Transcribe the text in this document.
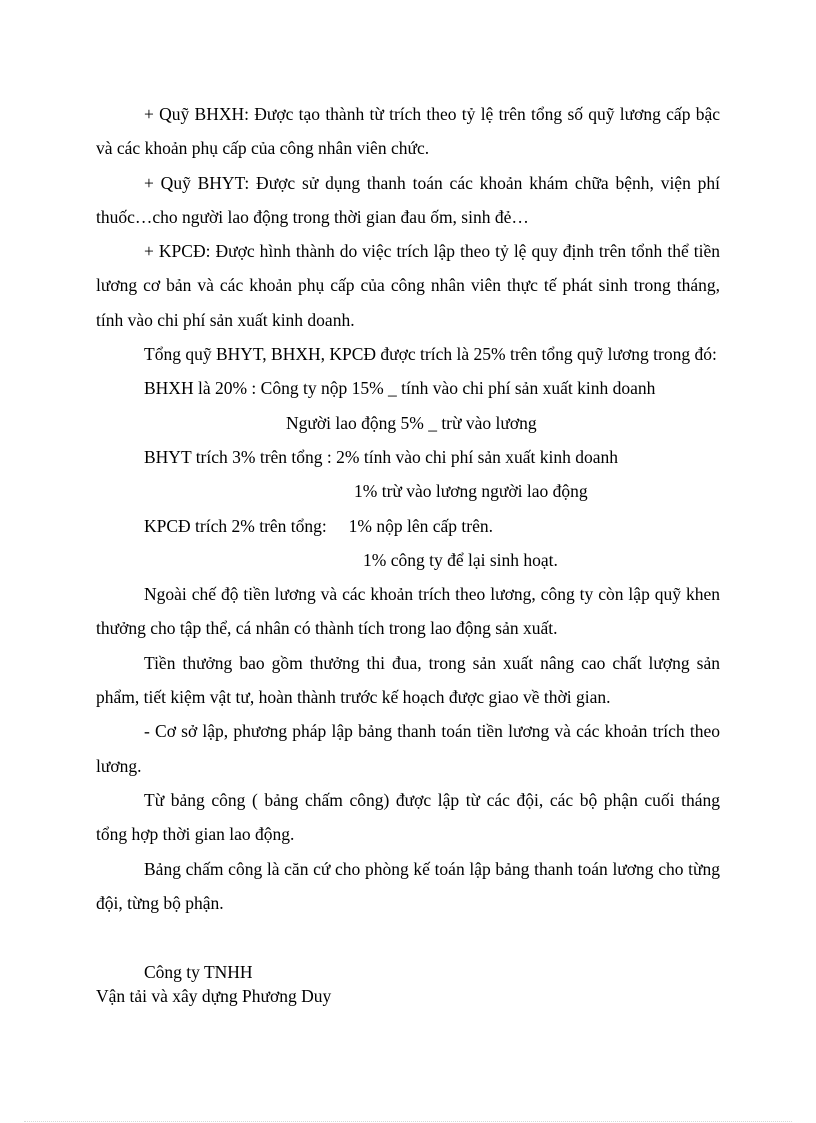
+ Quỹ BHXH: Được tạo thành từ trích theo tỷ lệ trên tổng số quỹ lương cấp bậc và các khoản phụ cấp của công nhân viên chức.

+ Quỹ BHYT: Được sử dụng thanh toán các khoản khám chữa bệnh, viện phí thuốc…cho người lao động trong thời gian đau ốm, sinh đẻ…

+ KPCĐ: Được hình thành do việc trích lập theo tỷ lệ quy định trên tổnh thể tiền lương cơ bản và các khoản phụ cấp của công nhân viên thực tế phát sinh trong tháng, tính vào chi phí sản xuất kinh doanh.

Tổng quỹ BHYT, BHXH, KPCĐ được trích là 25% trên tổng quỹ lương trong đó:

BHXH là 20% : Công ty nộp 15% _ tính vào chi phí sản xuất kinh doanh
Người lao động 5% _ trừ vào lương
BHYT trích 3% trên tổng : 2% tính vào chi phí sản xuất kinh doanh
1% trừ vào lương người lao động
KPCĐ trích 2% trên tổng:     1% nộp lên cấp trên.
1% công ty để lại sinh hoạt.

Ngoài chế độ tiền lương và các khoản trích theo lương, công ty còn lập quỹ khen thưởng cho tập thể, cá nhân có thành tích trong lao động sản xuất.

Tiền thưởng bao gồm thưởng thi đua, trong sản xuất nâng cao chất lượng sản phẩm, tiết kiệm vật tư, hoàn thành trước kế hoạch được giao về thời gian.

- Cơ sở lập, phương pháp lập bảng thanh toán tiền lương và các khoản trích theo lương.

Từ bảng công ( bảng chấm công) được lập từ các đội, các bộ phận cuối tháng tổng hợp thời gian lao động.

Bảng chấm công là căn cứ cho phòng kế toán lập bảng thanh toán lương cho từng đội, từng bộ phận.

Công ty TNHH
Vận tải và xây dựng Phương Duy
